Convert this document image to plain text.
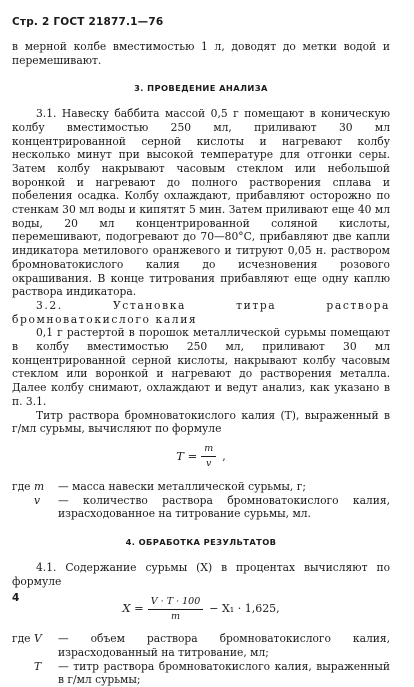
Стр. 2 ГОСТ 21877.1—76

в мерной колбе вместимостью 1 л, доводят до метки водой и перемешивают.

3. ПРОВЕДЕНИЕ АНАЛИЗА

3.1. Навеску баббита массой 0,5 г помещают в коническую колбу вместимостью 250 мл, приливают 30 мл концентрированной серной кислоты и нагревают колбу несколько минут при высокой температуре для отгонки серы. Затем колбу накрывают часовым стеклом или небольшой воронкой и нагревают до полного растворения сплава и побеления осадка. Колбу охлаждают, прибавляют осторожно по стенкам 30 мл воды и кипятят 5 мин. Затем приливают еще 40 мл воды, 20 мл концентрированной соляной кислоты, перемешивают, подогревают до 70—80°С, прибавляют две капли индикатора метилового оранжевого и титруют 0,05 н. раствором бромноватокислого калия до исчезновения розового окрашивания. В конце титрования прибавляют еще одну каплю раствора индикатора.

3.2. Установка титра раствора бромноватокислого калия

0,1 г растертой в порошок металлической сурьмы помещают в колбу вместимостью 250 мл, приливают 30 мл концентрированной серной кислоты, накрывают колбу часовым стеклом или воронкой и нагревают до растворения металла. Далее колбу снимают, охлаждают и ведут анализ, как указано в п. 3.1.

Титр раствора бромноватокислого калия (T), выраженный в г/мл сурьмы, вычисляют по формуле

$T = \frac{m}{v}$ ,
где m	— масса навески металлической сурьмы, г;
v	— количество раствора бромноватокислого калия, израсходованное на титрование сурьмы, мл.
4. ОБРАБОТКА РЕЗУЛЬТАТОВ

4.1. Содержание сурьмы (X) в процентах вычисляют по формуле

$X = \frac{V \cdot T \cdot 100}{m} - X_1 \cdot 1,625$,
где V	— объем раствора бромноватокислого калия, израсходованный на титрование, мл;
T	— титр раствора бромноватокислого калия, выраженный в г/мл сурьмы;
4
